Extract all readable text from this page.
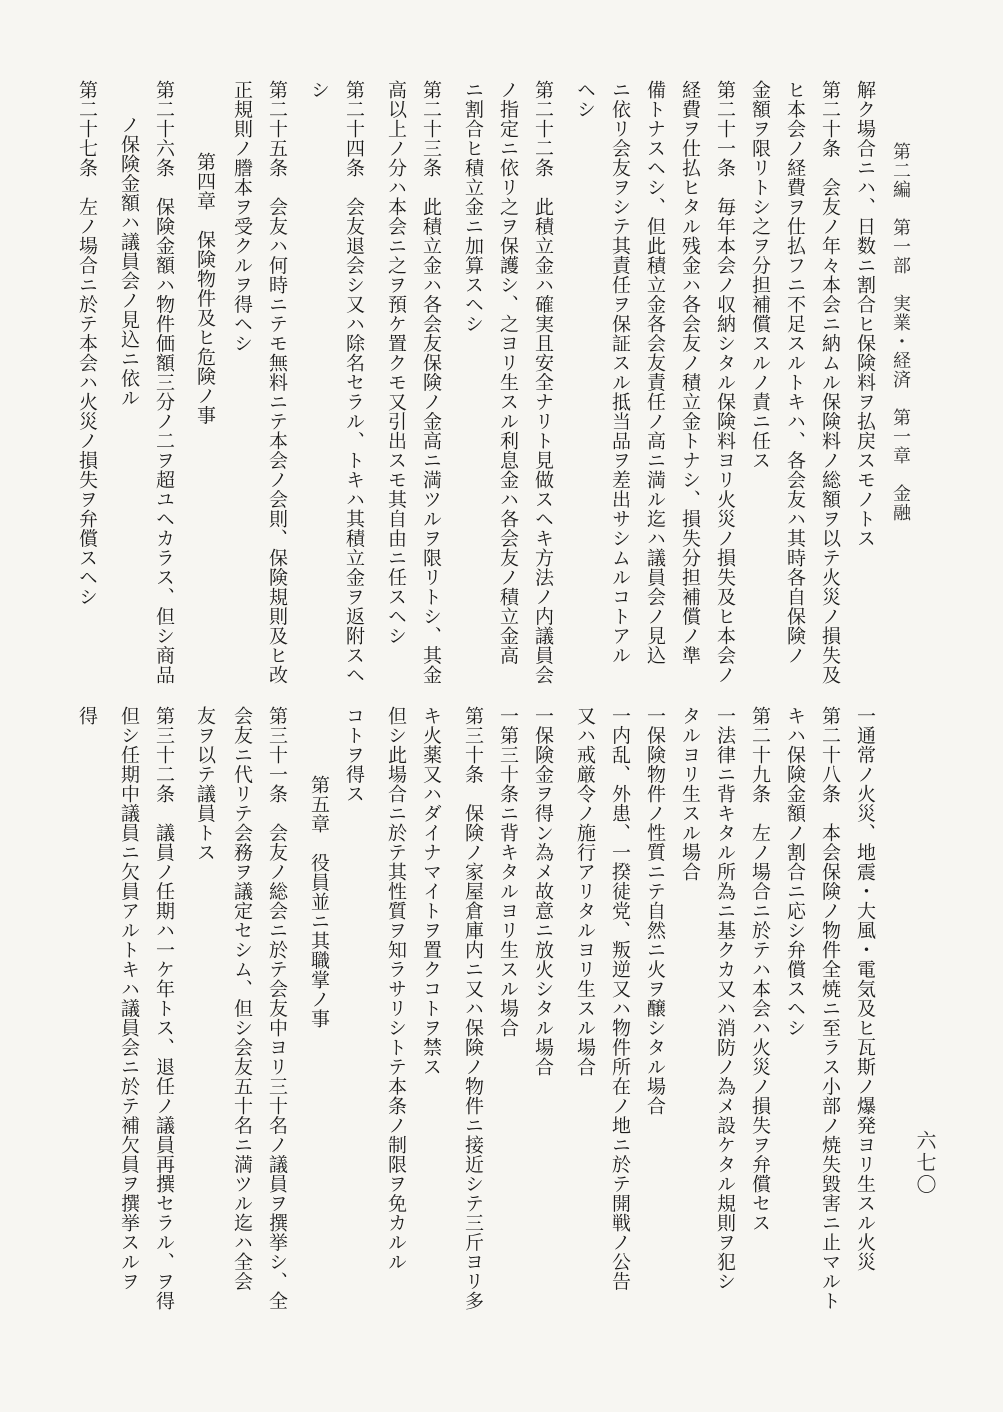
第二編　第一部　実業・経済　第一章　金融
六七〇
解ク場合ニハ、日数ニ割合ヒ保険料ヲ払戻スモノトス
第二十条　会友ノ年々本会ニ納ムル保険料ノ総額ヲ以テ火災ノ損失及
ヒ本会ノ経費ヲ仕払フニ不足スルトキハ、各会友ハ其時各自保険ノ
金額ヲ限リトシ之ヲ分担補償スルノ責ニ任ス
第二十一条　毎年本会ノ収納シタル保険料ヨリ火災ノ損失及ヒ本会ノ
経費ヲ仕払ヒタル残金ハ各会友ノ積立金トナシ、損失分担補償ノ準
備トナスヘシ、但此積立金各会友責任ノ高ニ満ル迄ハ議員会ノ見込
ニ依リ会友ヲシテ其責任ヲ保証スル抵当品ヲ差出サシムルコトアル
ヘシ
第二十二条　此積立金ハ確実且安全ナリト見做スヘキ方法ノ内議員会
ノ指定ニ依リ之ヲ保護シ、之ヨリ生スル利息金ハ各会友ノ積立金高
ニ割合ヒ積立金ニ加算スヘシ
第二十三条　此積立金ハ各会友保険ノ金高ニ満ツルヲ限リトシ、其金
高以上ノ分ハ本会ニ之ヲ預ケ置クモ又引出スモ其自由ニ任スヘシ
第二十四条　会友退会シ又ハ除名セラル、トキハ其積立金ヲ返附スヘ
シ
第二十五条　会友ハ何時ニテモ無料ニテ本会ノ会則、保険規則及ヒ改
正規則ノ謄本ヲ受クルヲ得ヘシ
第四章　保険物件及ヒ危険ノ事
第二十六条　保険金額ハ物件価額三分ノ二ヲ超ユヘカラス、但シ商品
ノ保険金額ハ議員会ノ見込ニ依ル
第二十七条　左ノ場合ニ於テ本会ハ火災ノ損失ヲ弁償スヘシ
一通常ノ火災、地震・大風・電気及ヒ瓦斯ノ爆発ヨリ生スル火災
第二十八条　本会保険ノ物件全焼ニ至ラス小部ノ焼失毀害ニ止マルト
キハ保険金額ノ割合ニ応シ弁償スヘシ
第二十九条　左ノ場合ニ於テハ本会ハ火災ノ損失ヲ弁償セス
一法律ニ背キタル所為ニ基クカ又ハ消防ノ為メ設ケタル規則ヲ犯シ
タルヨリ生スル場合
一保険物件ノ性質ニテ自然ニ火ヲ醸シタル場合
一内乱、外患、一揆徒党、叛逆又ハ物件所在ノ地ニ於テ開戦ノ公告
又ハ戒厳令ノ施行アリタルヨリ生スル場合
一保険金ヲ得ン為メ故意ニ放火シタル場合
一第三十条ニ背キタルヨリ生スル場合
第三十条　保険ノ家屋倉庫内ニ又ハ保険ノ物件ニ接近シテ三斤ヨリ多
キ火薬又ハダイナマイトヲ置クコトヲ禁ス
但シ此場合ニ於テ其性質ヲ知ラサリシトテ本条ノ制限ヲ免カルル
コトヲ得ス
第五章　役員並ニ其職掌ノ事
第三十一条　会友ノ総会ニ於テ会友中ヨリ三十名ノ議員ヲ撰挙シ、全
会友ニ代リテ会務ヲ議定セシム、但シ会友五十名ニ満ツル迄ハ全会
友ヲ以テ議員トス
第三十二条　議員ノ任期ハ一ケ年トス、退任ノ議員再撰セラル、ヲ得
但シ任期中議員ニ欠員アルトキハ議員会ニ於テ補欠員ヲ撰挙スルヲ
得
